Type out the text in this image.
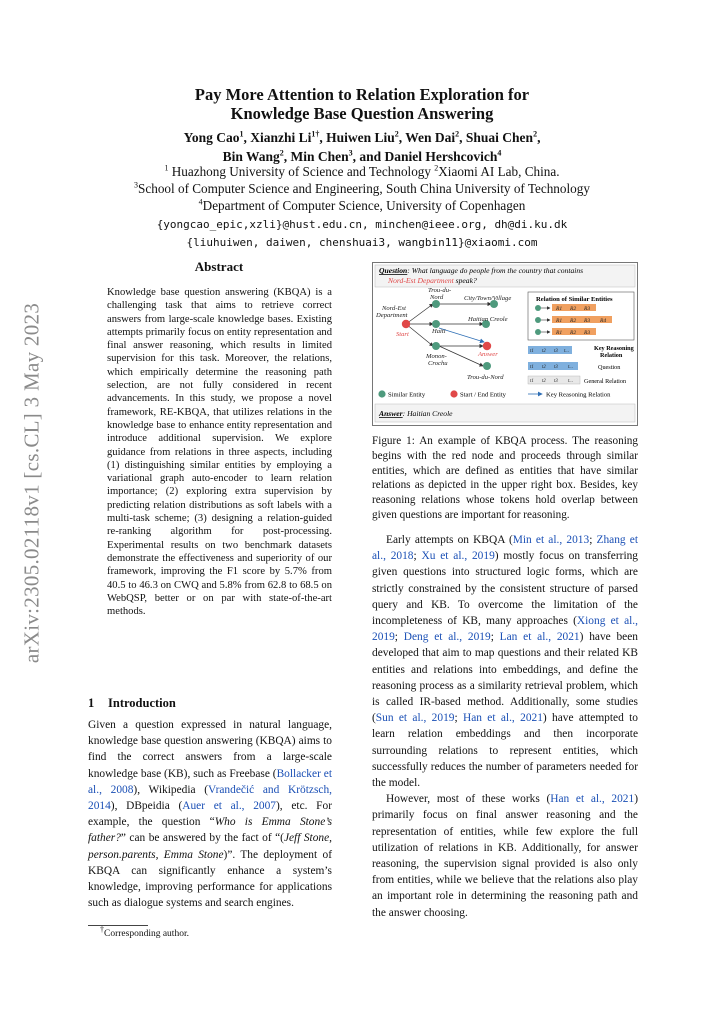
arXiv:2305.02118v1 [cs.CL] 3 May 2023
Pay More Attention to Relation Exploration for
Knowledge Base Question Answering
Yong Cao$^1$, Xianzhi $Li^{1\dagger}$, Huiwen Liu$^2$, Wen Dai$^2$, Shuai Chen$^2$,
Bin Wang$^2$, Min Chen$^3$, and Daniel Hershcovich$^4$
$^1$ Huazhong University of Science and Technology $^2$Xiaomi AI Lab, China.
$^3$School of Computer Science and Engineering, South China University of Technology
$^4$Department of Computer Science, University of Copenhagen
{yongcao_epic,xzli}@hust.edu.cn, minchen@ieee.org, dh@di.ku.dk
{liuhuiwen, daiwen, chenshuai3, wangbin11}@xiaomi.com
Abstract
Knowledge base question answering (KBQA) is a challenging task that aims to retrieve correct answers from large-scale knowledge bases. Existing attempts primarily focus on entity representation and final answer reasoning, which results in limited supervision for this task. Moreover, the relations, which empirically determine the reasoning path selection, are not fully considered in recent advancements. In this study, we propose a novel framework, RE-KBQA, that utilizes relations in the knowledge base to enhance entity representation and introduce additional supervision. We explore guidance from relations in three aspects, including (1) distinguishing similar entities by employing a variational graph auto-encoder to learn relation importance; (2) exploring extra supervision by predicting relation distributions as soft labels with a multi-task scheme; (3) designing a relation-guided re-ranking algorithm for post-processing. Experimental results on two benchmark datasets demonstrate the effectiveness and superiority of our framework, improving the F1 score by 5.7% from 40.5 to 46.3 on CWQ and 5.8% from 62.8 to 68.5 on WebQSP, better or on par with state-of-the-art methods.
1 Introduction

Given a question expressed in natural language, knowledge base question answering (KBQA) aims to find the correct answers from a large-scale knowledge base (KB), such as Freebase (Bollacker et al., 2008), Wikipedia (Vrandečić and Krötzsch, 2014), DBpeidia (Auer et al., 2007), etc. For example, the question “Who is Emma Stone’s father?” can be answered by the fact of “(Jeff Stone, person.parents, Emma Stone)”. The deployment of KBQA can significantly enhance a system’s knowledge, improving performance for applications such as dialogue systems and search engines.

†Corresponding author.
Question: What language do people from the country that contains
Nord-Est Department speak?
Trou-du-
Nord	City/Town/Village
Nord-Est
Department
Haiti
Haitian Creole
Start
Answer
Monon-
Crochu
Trou-du-Nord
Relation of Similar Entities
R1 R2 R3
R1 R2 R3 R4
R1 R2 R3
t1 t2 t3 t...
t1 t2 t3 t...
t1 t2 t3 t...
Key Reasoning
Relation
Question
General Relation
Similar Entity	Start / End Entity	Key Reasoning Relation
Answer: Haitian Creole
Figure 1: An example of KBQA process. The reasoning begins with the red node and proceeds through similar entities, which are defined as entities that have similar relations as depicted in the upper right box. Besides, key reasoning relations whose tokens hold overlap between given questions are important for reasoning.

Early attempts on KBQA (Min et al., 2013; Zhang et al., 2018; Xu et al., 2019) mostly focus on transferring given questions into structured logic forms, which are strictly constrained by the consistent structure of parsed query and KB. To overcome the limitation of the incompleteness of KB, many approaches (Xiong et al., 2019; Deng et al., 2019; Lan et al., 2021) have been developed that aim to map questions and their related KB entities and relations into embeddings, and define the reasoning process as a similarity retrieval problem, which is called IR-based method. Additionally, some studies (Sun et al., 2019; Han et al., 2021) have attempted to learn relation embeddings and then incorporate surrounding relations to represent entities, which successfully reduces the number of parameters needed for the model.

However, most of these works (Han et al., 2021) primarily focus on final answer reasoning and the representation of entities, while few explore the full utilization of relations in KB. Additionally, for answer reasoning, the supervision signal provided is also only from entities, while we believe that the relations also play an important role in determining the reasoning path and the answer choosing.
